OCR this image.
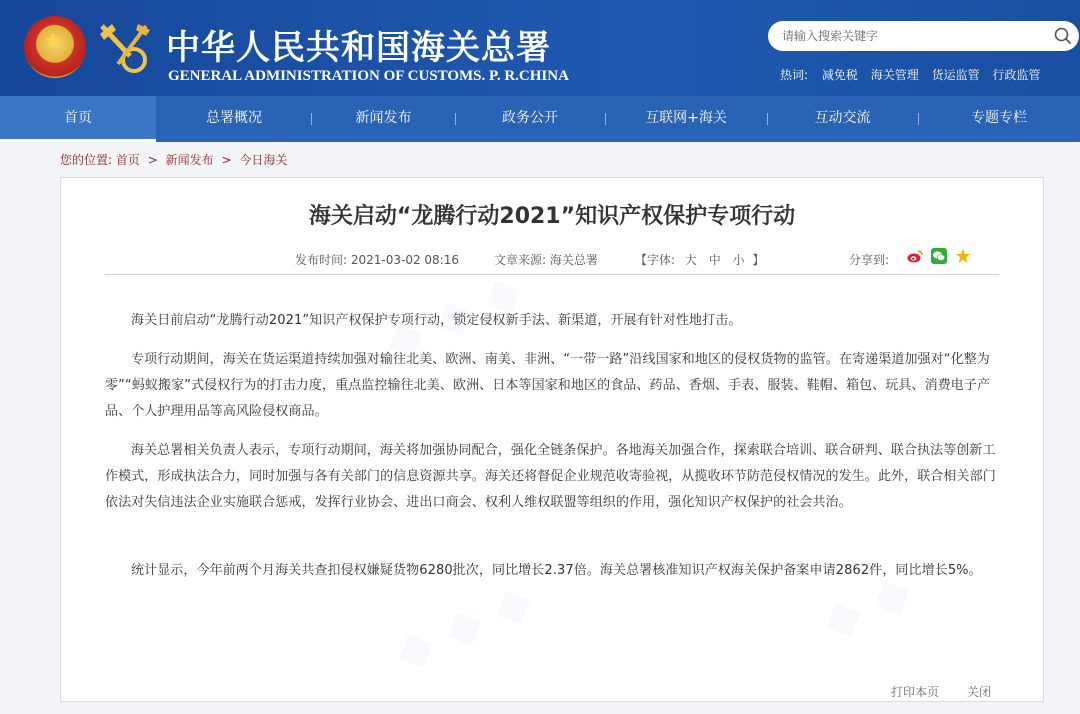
★	中华人民共和国海关总署
GENERAL ADMINISTRATION OF CUSTOMS. P. R.CHINA
请输入搜索关键字	热词: 减免税 海关管理 货运监管 行政监管
首页	总署概况	新闻发布	政务公开	互联网+海关	互动交流	专题专栏
您的位置: 首页 > 新闻发布 > 今日海关
海关启动“龙腾行动2021”知识产权保护专项行动
发布时间: 2021-03-02 08:16	文章来源: 海关总署	【字体: 大 中 小 】	分享到:

海关日前启动“龙腾行动2021”知识产权保护专项行动，锁定侵权新手法、新渠道，开展有针对性地打击。

专项行动期间，海关在货运渠道持续加强对输往北美、欧洲、南美、非洲、“一带一路”沿线国家和地区的侵权货物的监管。在寄递渠道加强对“化整为零”“蚂蚁搬家”式侵权行为的打击力度，重点监控输往北美、欧洲、日本等国家和地区的食品、药品、香烟、手表、服装、鞋帽、箱包、玩具、消费电子产品、个人护理用品等高风险侵权商品。

海关总署相关负责人表示，专项行动期间，海关将加强协同配合，强化全链条保护。各地海关加强合作，探索联合培训、联合研判、联合执法等创新工作模式，形成执法合力，同时加强与各有关部门的信息资源共享。海关还将督促企业规范收寄验视，从揽收环节防范侵权情况的发生。此外，联合相关部门依法对失信违法企业实施联合惩戒，发挥行业协会、进出口商会、权利人维权联盟等组织的作用，强化知识产权保护的社会共治。

统计显示，今年前两个月海关共查扣侵权嫌疑货物6280批次，同比增长2.37倍。海关总署核准知识产权海关保护备案申请2862件，同比增长5%。

打印本页 关闭
